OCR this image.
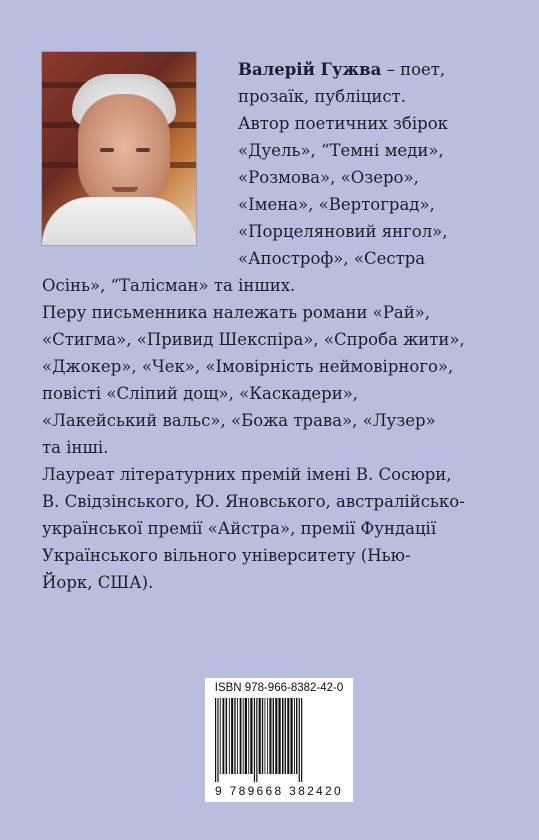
Валерій Гужва – поет,
прозаїк, публіцист.
Автор поетичних збірок
«Дуель», “Темні меди»,
«Розмова», «Озеро»,
«Імена», «Вертоград»,
«Порцеляновий янгол»,
«Апостроф», «Сестра
Осінь», “Талісман» та інших.
Перу письменника належать романи «Рай»,
«Стигма», «Привид Шекспіра», «Спроба жити»,
«Джокер», «Чек», «Імовірність неймовірного»,
повісті «Сліпий дощ», «Каскадери»,
«Лакейський вальс», «Божа трава», «Лузер»
та інші.
Лауреат літературних премій імені В. Сосюри,
В. Свідзінського, Ю. Яновського, австралійсько-
української премії «Айстра», премії Фундації
Українського вільного університету (Нью-
Йорк, США).
ISBN 978-966-8382-42-0
9 789668 382420
